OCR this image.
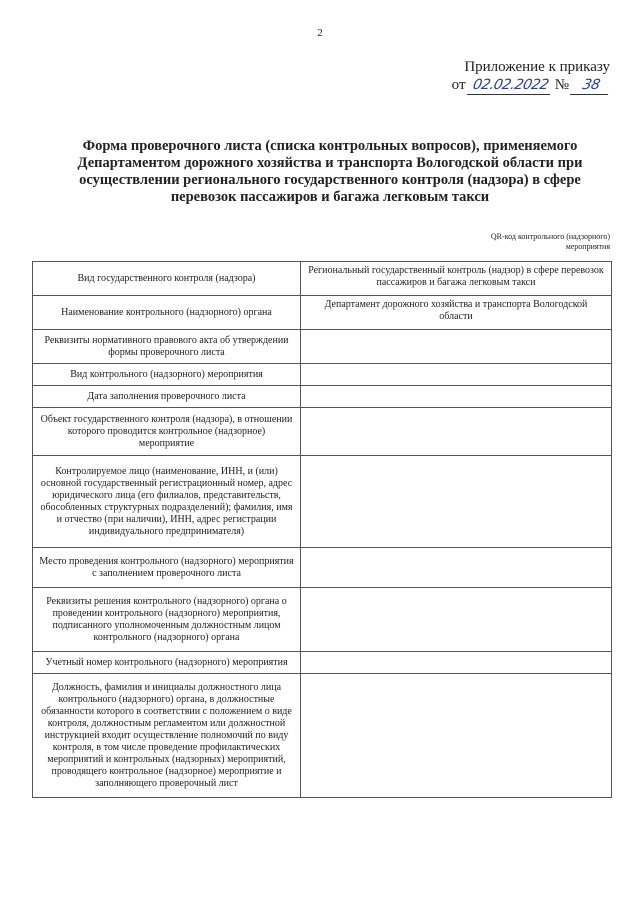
2
Приложение к приказу
от 02.02.2022 № 38
Форма проверочного листа (списка контрольных вопросов), применяемого Департаментом дорожного хозяйства и транспорта Вологодской области при осуществлении регионального государственного контроля (надзора) в сфере перевозок пассажиров и багажа легковым такси
QR-код контрольного (надзорного) мероприятия
Вид государственного контроля (надзора)	Региональный государственный контроль (надзор) в сфере перевозок пассажиров и багажа легковым такси
Наименование контрольного (надзорного) органа	Департамент дорожного хозяйства и транспорта Вологодской области
Реквизиты нормативного правового акта об утверждении формы проверочного листа	
Вид контрольного (надзорного) мероприятия	
Дата заполнения проверочного листа	
Объект государственного контроля (надзора), в отношении которого проводится контрольное (надзорное) мероприятие	
Контролируемое лицо (наименование, ИНН, и (или) основной государственный регистрационный номер, адрес юридического лица (его филиалов, представительств, обособленных структурных подразделений); фамилия, имя и отчество (при наличии), ИНН, адрес регистрации индивидуального предпринимателя)	
Место проведения контрольного (надзорного) мероприятия с заполнением проверочного листа	
Реквизиты решения контрольного (надзорного) органа о проведении контрольного (надзорного) мероприятия, подписанного уполномоченным должностным лицом контрольного (надзорного) органа	
Учетный номер контрольного (надзорного) мероприятия	
Должность, фамилия и инициалы должностного лица контрольного (надзорного) органа, в должностные обязанности которого в соответствии с положением о виде контроля, должностным регламентом или должностной инструкцией входит осуществление полномочий по виду контроля, в том числе проведение профилактических мероприятий и контрольных (надзорных) мероприятий, проводящего контрольное (надзорное) мероприятие и заполняющего проверочный лист	
